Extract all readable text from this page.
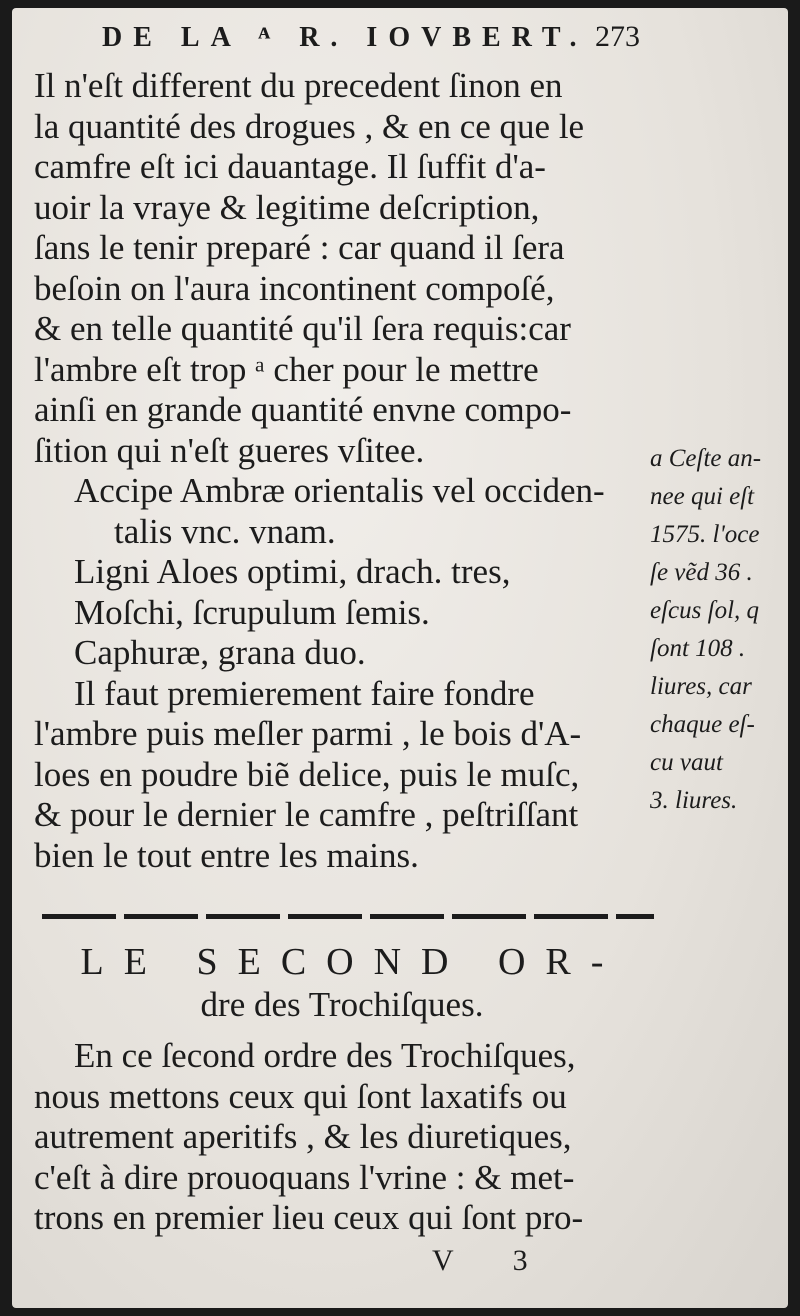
DE LA ᴬ R. IOVBERT. 273
Il n'eſt different du precedent ſinon en
la quantité des drogues , & en ce que le
camfre eſt ici dauantage. Il ſuffit d'a-
uoir la vraye & legitime deſcription,
ſans le tenir preparé : car quand il ſera
beſoin on l'aura incontinent compoſé,
& en telle quantité qu'il ſera requis:car
l'ambre eſt trop ᵃ cher pour le mettre
ainſi en grande quantité envne compo-
ſition qui n'eſt gueres vſitee.
Accipe Ambræ orientalis vel occiden-
talis vnc. vnam.
Ligni Aloes optimi, drach. tres,
Moſchi, ſcrupulum ſemis.
Caphuræ, grana duo.
Il faut premierement faire fondre
l'ambre puis meſler parmi , le bois d'A-
loes en poudre biẽ delice, puis le muſc,
& pour le dernier le camfre , peſtriſſant
bien le tout entre les mains.
a Ceſte an-
nee qui eſt
1575. l'oce
ſe vẽd 36 .
eſcus ſol, q
ſont 108 .
liures, car
chaque eſ-
cu vaut
3. liures.
LE SECOND OR-
dre des Trochiſques.
En ce ſecond ordre des Trochiſques,
nous mettons ceux qui ſont laxatifs ou
autrement aperitifs , & les diuretiques,
c'eſt à dire prouoquans l'vrine : & met-
trons en premier lieu ceux qui ſont pro-
V 3
